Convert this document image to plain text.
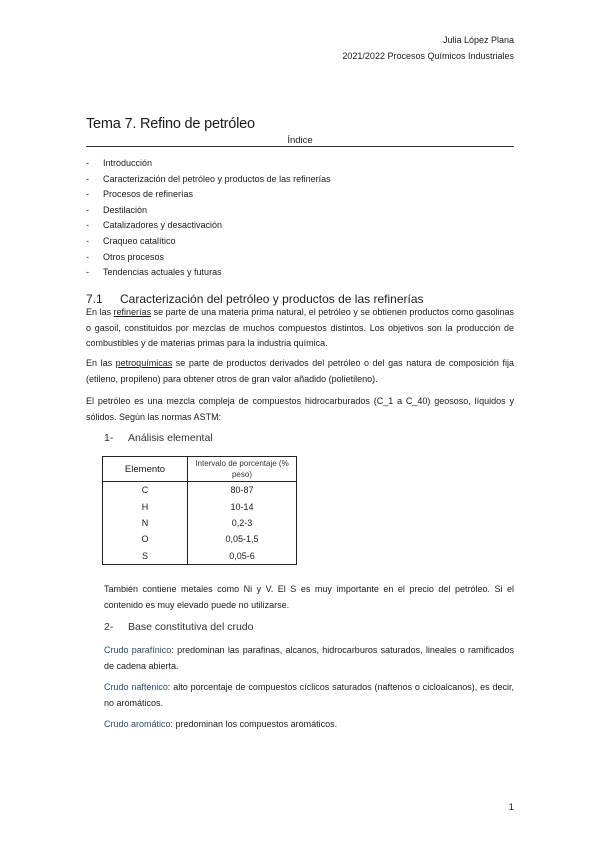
Julia López Plana
2021/2022 Procesos Químicos Industriales
Tema 7. Refino de petróleo
Índice
- Introducción
- Caracterización del petróleo y productos de las refinerías
- Procesos de refinerías
- Destilación
- Catalizadores y desactivación
- Craqueo catalítico
- Otros procesos
- Tendencias actuales y futuras
7.1 Caracterización del petróleo y productos de las refinerías
En las refinerías se parte de una materia prima natural, el petróleo y se obtienen productos como gasolinas o gasoil, constituidos por mezclas de muchos compuestos distintos. Los objetivos son la producción de combustibles y de materias primas para la industria química.
En las petroquímicas se parte de productos derivados del petróleo o del gas natura de composición fija (etileno, propileno) para obtener otros de gran valor añadido (polietileno).
El petróleo es una mezcla compleja de compuestos hidrocarburados (C_1 a C_40) geososo, líquidos y sólidos. Según las normas ASTM:
1- Análisis elemental
Elemento	Intervalo de porcentaje (% peso)
C	80-87
H	10-14
N	0,2-3
O	0,05-1,5
S	0,05-6
También contiene metales como Ni y V. El S es muy importante en el precio del petróleo. Si el contenido es muy elevado puede no utilizarse.
2- Base constitutiva del crudo
Crudo parafínico: predominan las parafinas, alcanos, hidrocarburos saturados, lineales o ramificados de cadena abierta.
Crudo nafténico: alto porcentaje de compuestos cíclicos saturados (naftenos o cicloalcanos), es decir, no aromáticos.
Crudo aromático: predominan los compuestos aromáticos.
1
